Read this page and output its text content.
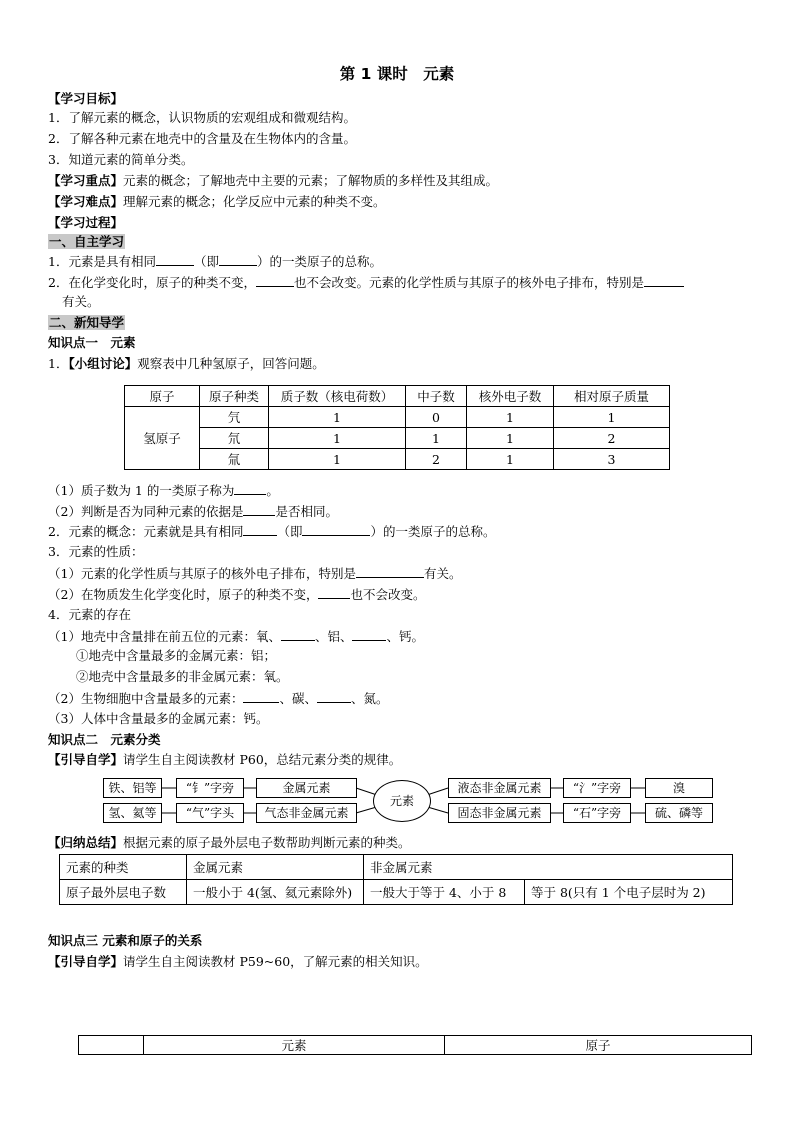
第 1 课时　元素
【学习目标】
1．了解元素的概念，认识物质的宏观组成和微观结构。
2．了解各种元素在地壳中的含量及在生物体内的含量。
3．知道元素的简单分类。
【学习重点】元素的概念；了解地壳中主要的元素；了解物质的多样性及其组成。
【学习难点】理解元素的概念；化学反应中元素的种类不变。
【学习过程】
一、自主学习
1．元素是具有相同	（即	）的一类原子的总称。
2．在化学变化时，原子的种类不变，	也不会改变。元素的化学性质与其原子的核外电子排布，特别是
有关。
二、新知导学
知识点一　元素
1．【小组讨论】观察表中几种氢原子，回答问题。
原子	原子种类	质子数（核电荷数）	中子数	核外电子数	相对原子质量
氢原子	氕	1	0	1	1
	氘	1	1	1	2
	氚	1	2	1	3
（1）质子数为 1 的一类原子称为	。
（2）判断是否为同种元素的依据是	是否相同。
2．元素的概念：元素就是具有相同	（即	）的一类原子的总称。
3．元素的性质：
（1）元素的化学性质与其原子的核外电子排布，特别是	有关。
（2）在物质发生化学变化时，原子的种类不变，	也不会改变。
4．元素的存在
（1）地壳中含量排在前五位的元素：氧、	、铝、	、钙。
①地壳中含量最多的金属元素：铝；
②地壳中含量最多的非金属元素：氧。
（2）生物细胞中含量最多的元素：	、碳、	、氮。
（3）人体中含量最多的金属元素：钙。
知识点二　元素分类
【引导自学】请学生自主阅读教材 P60，总结元素分类的规律。
铁、铝等	“钅”字旁	金属元素
氢、氦等	“气”字头	气态非金属元素
元素
液态非金属元素	“氵”字旁	溴
固态非金属元素	“石”字旁	硫、磷等
【归纳总结】根据元素的原子最外层电子数帮助判断元素的种类。
元素的种类	金属元素	非金属元素	
原子最外层电子数	一般小于 4(氢、氦元素除外)	一般大于等于 4、小于 8	等于 8(只有 1 个电子层时为 2)
知识点三 元素和原子的关系
【引导自学】请学生自主阅读教材 P59~60，了解元素的相关知识。
	元素	原子
